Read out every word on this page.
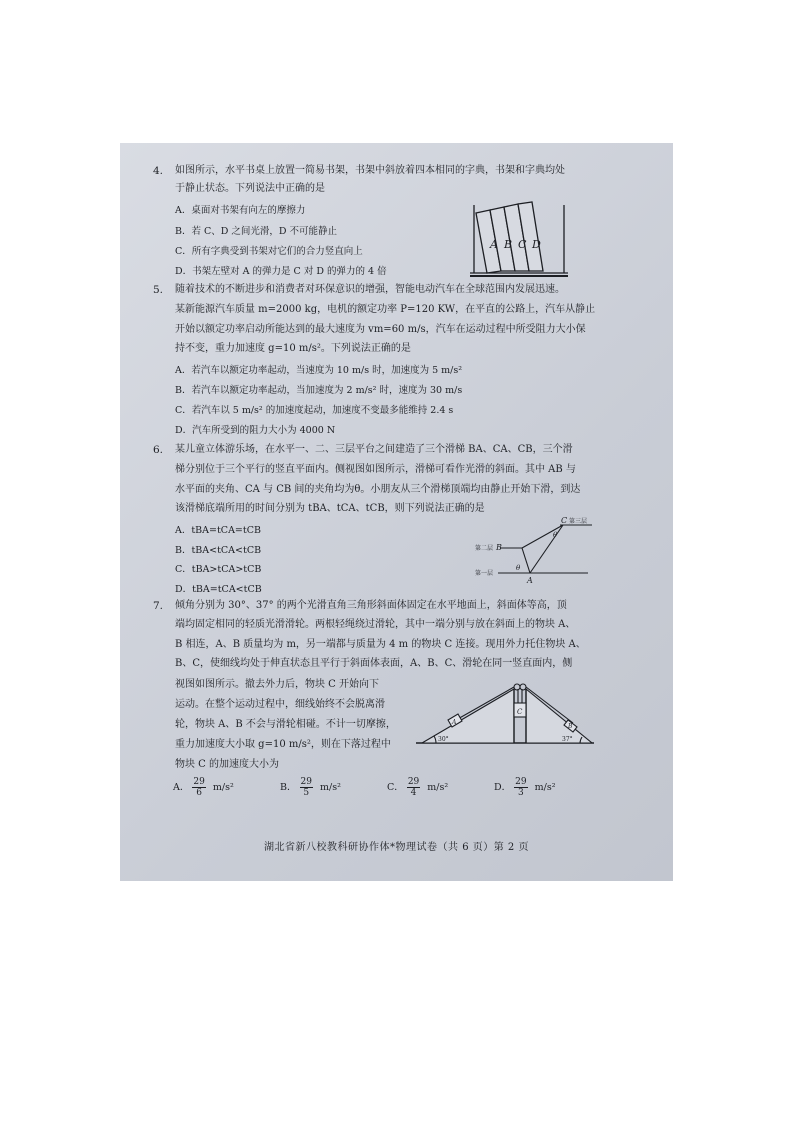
4. 如图所示，水平书桌上放置一简易书架，书架中斜放着四本相同的字典，书架和字典均处
于静止状态。下列说法中正确的是
A．桌面对书架有向左的摩擦力
B．若 C、D 之间光滑，D 不可能静止
C．所有字典受到书架对它们的合力竖直向上
D．书架左壁对 A 的弹力是 C 对 D 的弹力的 4 倍
A B C D
5. 随着技术的不断进步和消费者对环保意识的增强，智能电动汽车在全球范围内发展迅速。
某新能源汽车质量 m=2000 kg，电机的额定功率 P=120 KW，在平直的公路上，汽车从静止
开始以额定功率启动所能达到的最大速度为 vm=60 m/s，汽车在运动过程中所受阻力大小保
持不变，重力加速度 g=10 m/s²。下列说法正确的是
A．若汽车以额定功率起动，当速度为 10 m/s 时，加速度为 5 m/s²
B．若汽车以额定功率起动，当加速度为 2 m/s² 时，速度为 30 m/s
C．若汽车以 5 m/s² 的加速度起动，加速度不变最多能维持 2.4 s
D．汽车所受到的阻力大小为 4000 N
6. 某儿童立体游乐场，在水平一、二、三层平台之间建造了三个滑梯 BA、CA、CB，三个滑
梯分别位于三个平行的竖直平面内。侧视图如图所示，滑梯可看作光滑的斜面。其中 AB 与
水平面的夹角、CA 与 CB 间的夹角均为θ。小朋友从三个滑梯顶端均由静止开始下滑，到达
该滑梯底端所用的时间分别为 tBA、tCA、tCB，则下列说法正确的是
A．tBA=tCA=tCB
B．tBA<tCA<tCB
C．tBA>tCA>tCB
D．tBA=tCA<tCB
C 第三层
第二层 B
第一层
A
θ
θ
7. 倾角分别为 30°、37° 的两个光滑直角三角形斜面体固定在水平地面上，斜面体等高，顶
端均固定相同的轻质光滑滑轮。两根轻绳绕过滑轮，其中一端分别与放在斜面上的物块 A、
B 相连，A、B 质量均为 m，另一端都与质量为 4 m 的物块 C 连接。现用外力托住物块 A、
B、C，使细线均处于伸直状态且平行于斜面体表面，A、B、C、滑轮在同一竖直面内，侧
视图如图所示。撤去外力后，物块 C 开始向下
运动。在整个运动过程中，细线始终不会脱离滑
轮，物块 A、B 不会与滑轮相碰。不计一切摩擦，
重力加速度大小取 g=10 m/s²，则在下落过程中
物块 C 的加速度大小为
A
B
C
30°	37°
A． $\frac{29}{6} m/s^2$	B． $\frac{29}{5} m/s^2$	C． $\frac{29}{4} m/s^2$	D． $\frac{29}{3} m/s^2$
湖北省新八校教科研协作体*物理试卷（共 6 页）第 2 页
